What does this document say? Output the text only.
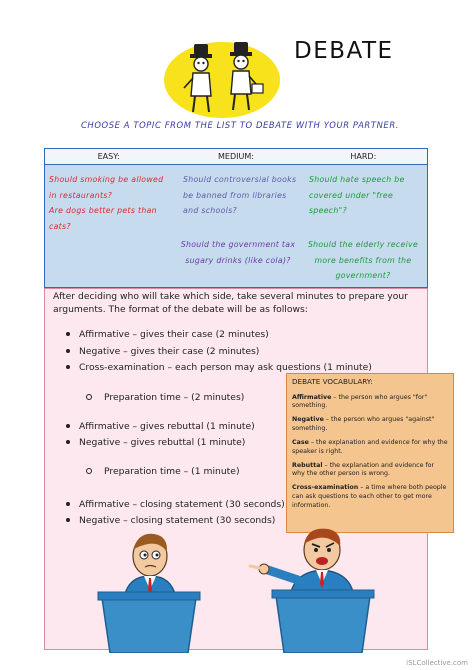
DEBATE
CHOOSE A TOPIC FROM THE LIST TO DEBATE WITH YOUR PARTNER.
EASY:	MEDIUM:	HARD:
Should smoking be allowed
in restaurants?
Are dogs better pets than
cats?
Should controversial books
be banned from libraries
and schools?
Should the government tax
sugary drinks (like cola)?
Should hate speech be
covered under "free
speech"?
Should the elderly receive
more benefits from the
government?
After deciding who will take which side, take several minutes to prepare your arguments. The format of the debate will be as follows:
Affirmative – gives their case (2 minutes)
Negative – gives their case (2 minutes)
Cross-examination – each person may ask questions (1 minute)
Preparation time – (2 minutes)
Affirmative – gives rebuttal (1 minute)
Negative – gives rebuttal (1 minute)
Preparation time – (1 minute)
Affirmative – closing statement (30 seconds)
Negative – closing statement (30 seconds)
DEBATE VOCABULARY:
Affirmative – the person who argues "for" something.
Negative – the person who argues "against" something.
Case – the explanation and evidence for why the speaker is right.
Rebuttal – the explanation and evidence for why the other person is wrong.
Cross-examination – a time where both people can ask questions to each other to get more information.
iSLCollective.com
